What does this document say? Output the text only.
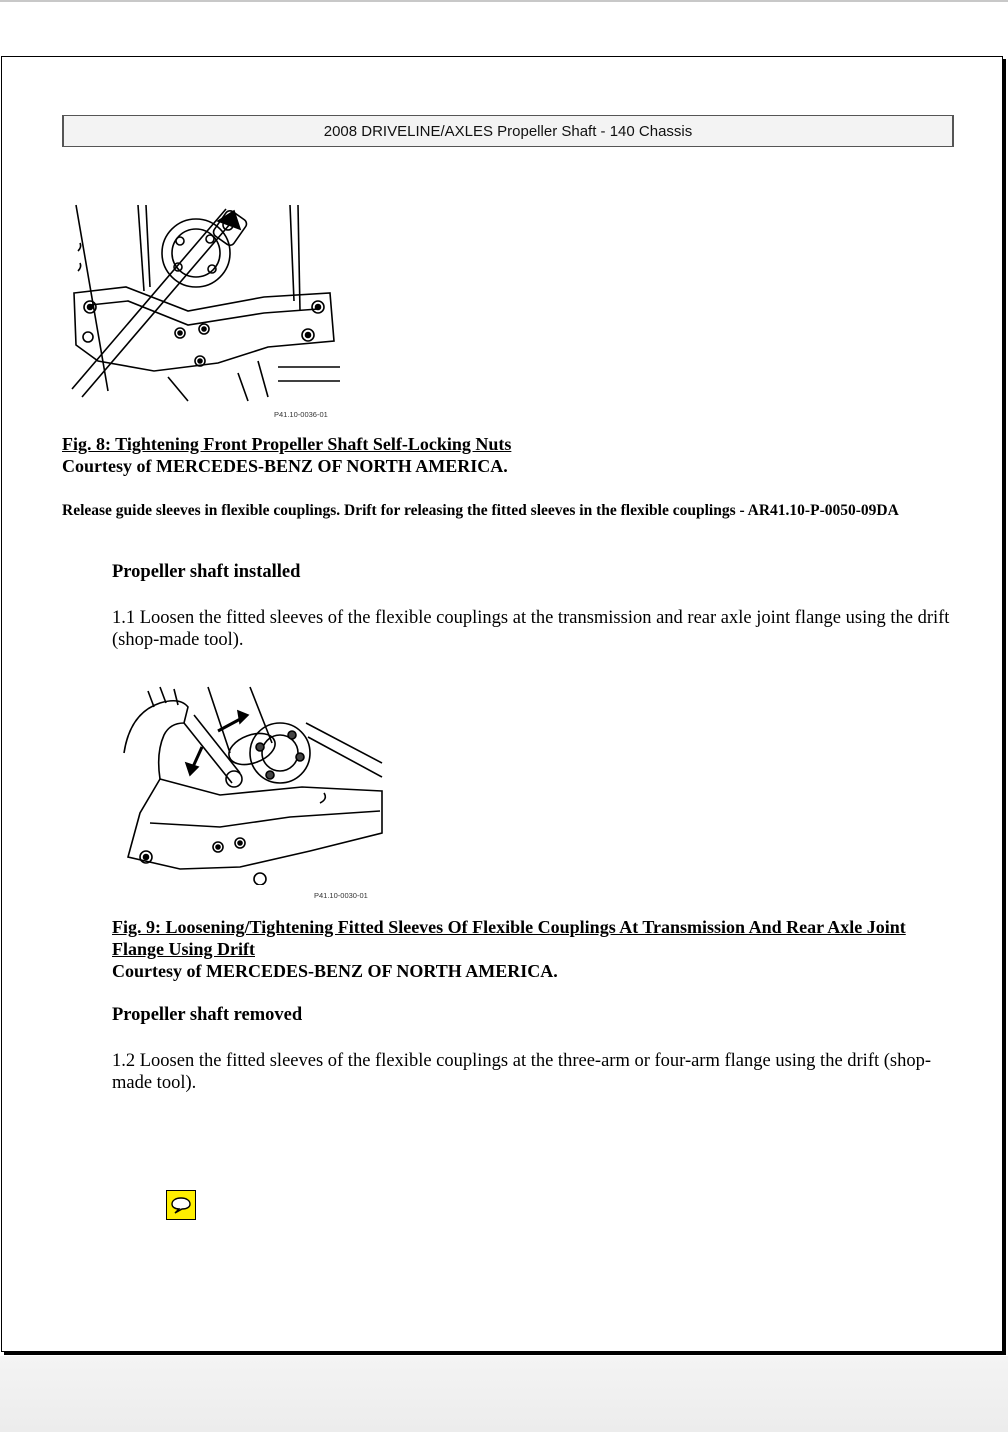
2008 DRIVELINE/AXLES Propeller Shaft - 140 Chassis
P41.10-0036-01
Fig. 8: Tightening Front Propeller Shaft Self-Locking Nuts
Courtesy of MERCEDES-BENZ OF NORTH AMERICA.
Release guide sleeves in flexible couplings. Drift for releasing the fitted sleeves in the flexible couplings - AR41.10-P-0050-09DA
Propeller shaft installed
1.1 Loosen the fitted sleeves of the flexible couplings at the transmission and rear axle joint flange using the drift (shop-made tool).
P41.10-0030-01
Fig. 9: Loosening/Tightening Fitted Sleeves Of Flexible Couplings At Transmission And Rear Axle Joint Flange Using Drift
Courtesy of MERCEDES-BENZ OF NORTH AMERICA.
Propeller shaft removed
1.2 Loosen the fitted sleeves of the flexible couplings at the three-arm or four-arm flange using the drift (shop-made tool).
